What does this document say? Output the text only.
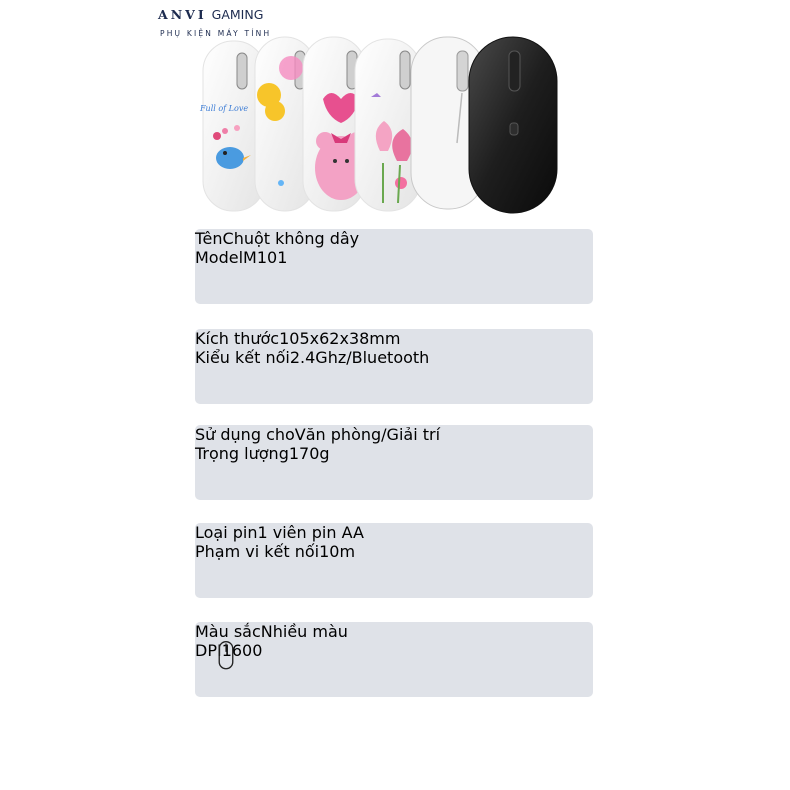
ANVI GAMING
PHỤ KIỆN MÁY TÍNH
Full of Love
TênChuột không dây
ModelM101
Kích thước105x62x38mm
Kiểu kết nối2.4Ghz/Bluetooth
Sử dụng choVăn phòng/Giải trí
Trọng lượng170g
Loại pin1 viên pin AA
Phạm vi kết nối10m
Màu sắcNhiều màu
DPI1600
